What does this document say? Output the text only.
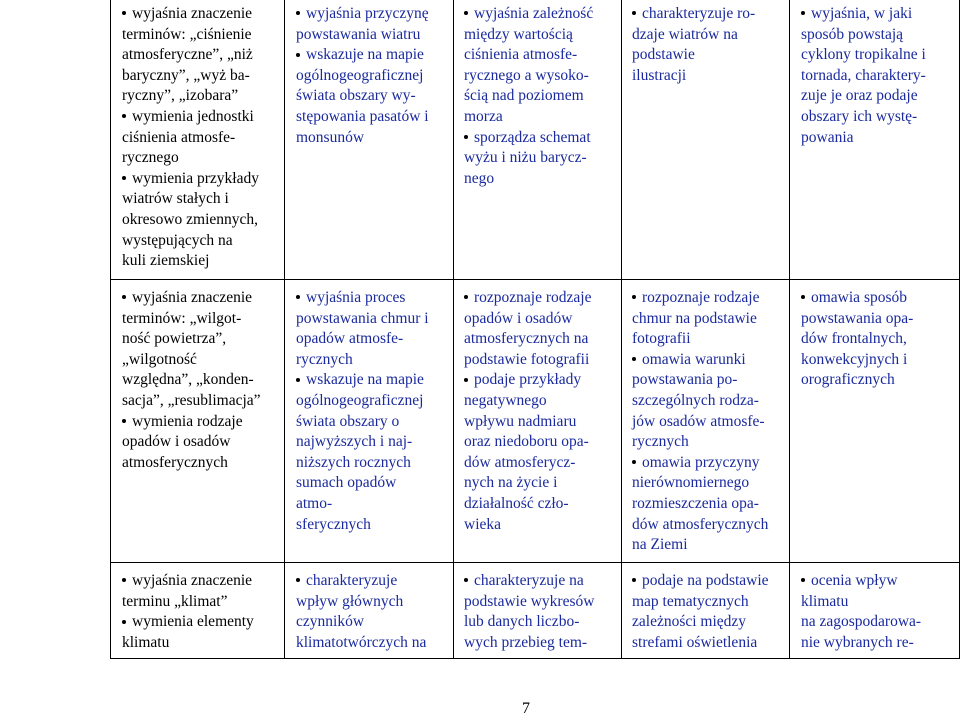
wyjaśnia znaczenie
terminów: „ciśnienie
atmosferyczne”, „niż
baryczny”, „wyż ba-
ryczny”, „izobara”
wymienia jednostki
ciśnienia atmosfe-
rycznego
wymienia przykłady
wiatrów stałych i
okresowo zmiennych,
występujących na
kuli ziemskiej
wyjaśnia przyczynę
powstawania wiatru
wskazuje na mapie
ogólnogeograficznej
świata obszary wy-
stępowania pasatów i
monsunów
wyjaśnia zależność
między wartością
ciśnienia atmosfe-
rycznego a wysoko-
ścią nad poziomem
morza
sporządza schemat
wyżu i niżu barycz-
nego
charakteryzuje ro-
dzaje wiatrów na
podstawie
ilustracji
wyjaśnia, w jaki
sposób powstają
cyklony tropikalne i
tornada, charaktery-
zuje je oraz podaje
obszary ich wystę-
powania
wyjaśnia znaczenie
terminów: „wilgot-
ność powietrza”,
„wilgotność
względna”, „konden-
sacja”, „resublimacja”
wymienia rodzaje
opadów i osadów
atmosferycznych
wyjaśnia proces
powstawania chmur i
opadów atmosfe-
rycznych
wskazuje na mapie
ogólnogeograficznej
świata obszary o
najwyższych i naj-
niższych rocznych
sumach opadów
atmo-
sferycznych
rozpoznaje rodzaje
opadów i osadów
atmosferycznych na
podstawie fotografii
podaje przykłady
negatywnego
wpływu nadmiaru
oraz niedoboru opa-
dów atmosferycz-
nych na życie i
działalność czło-
wieka
rozpoznaje rodzaje
chmur na podstawie
fotografii
omawia warunki
powstawania po-
szczególnych rodza-
jów osadów atmosfe-
rycznych
omawia przyczyny
nierównomiernego
rozmieszczenia opa-
dów atmosferycznych
na Ziemi
omawia sposób
powstawania opa-
dów frontalnych,
konwekcyjnych i
orograficznych
wyjaśnia znaczenie
terminu „klimat”
wymienia elementy
klimatu
charakteryzuje
wpływ głównych
czynników
klimatotwórczych na
charakteryzuje na
podstawie wykresów
lub danych liczbo-
wych przebieg tem-
podaje na podstawie
map tematycznych
zależności między
strefami oświetlenia
ocenia wpływ
klimatu
na zagospodarowa-
nie wybranych re-
7
